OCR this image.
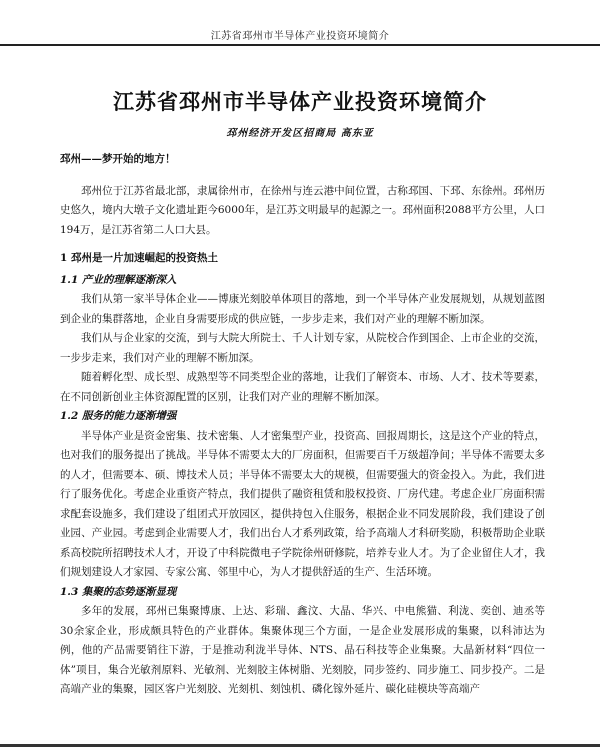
江苏省邳州市半导体产业投资环境简介
江苏省邳州市半导体产业投资环境简介
邳州经济开发区招商局 高东亚

邳州——梦开始的地方！

邳州位于江苏省最北部，隶属徐州市，在徐州与连云港中间位置，古称邳国、下邳、东徐州。邳州历史悠久，境内大墩子文化遗址距今6000年，是江苏文明最早的起源之一。邳州面积2088平方公里，人口194万，是江苏省第二人口大县。

1 邳州是一片加速崛起的投资热土

1.1 产业的理解逐渐深入

我们从第一家半导体企业——博康光刻胶单体项目的落地，到一个半导体产业发展规划，从规划蓝图到企业的集群落地，企业自身需要形成的供应链，一步步走来，我们对产业的理解不断加深。

我们从与企业家的交流，到与大院大所院士、千人计划专家，从院校合作到国企、上市企业的交流，一步步走来，我们对产业的理解不断加深。

随着孵化型、成长型、成熟型等不同类型企业的落地，让我们了解资本、市场、人才、技术等要素，在不同创新创业主体资源配置的区别，让我们对产业的理解不断加深。

1.2 服务的能力逐渐增强

半导体产业是资金密集、技术密集、人才密集型产业，投资高、回报周期长，这是这个产业的特点，也对我们的服务提出了挑战。半导体不需要太大的厂房面积，但需要百千万级超净间；半导体不需要太多的人才，但需要本、硕、博技术人员；半导体不需要太大的规模，但需要强大的资金投入。为此，我们进行了服务优化。考虑企业重资产特点，我们提供了融资租赁和股权投资、厂房代建。考虑企业厂房面积需求配套设施多，我们建设了组团式开放园区，提供持包入住服务，根据企业不同发展阶段，我们建设了创业园、产业园。考虑到企业需要人才，我们出台人才系列政策，给予高端人才科研奖励，积极帮助企业联系高校院所招聘技术人才，开设了中科院微电子学院徐州研修院，培养专业人才。为了企业留住人才，我们规划建设人才家园、专家公寓、邻里中心，为人才提供舒适的生产、生活环境。

1.3 集聚的态势逐渐显现

多年的发展，邳州已集聚博康、上达、彩瑞、鑫汶、大晶、华兴、中电熊猫、利泷、奕创、迪丞等30余家企业，形成颇具特色的产业群体。集聚体现三个方面，一是企业发展形成的集聚，以科沛达为例，他的产品需要销往下游，于是推动利泷半导体、NTS、晶石科技等企业集聚。大晶新材料“四位一体”项目，集合光敏剂原料、光敏剂、光刻胶主体树脂、光刻胶，同步签约、同步施工、同步投产。二是高端产业的集聚，园区客户光刻胶、光刻机、刻蚀机、磷化镓外延片、碳化硅模块等高端产
